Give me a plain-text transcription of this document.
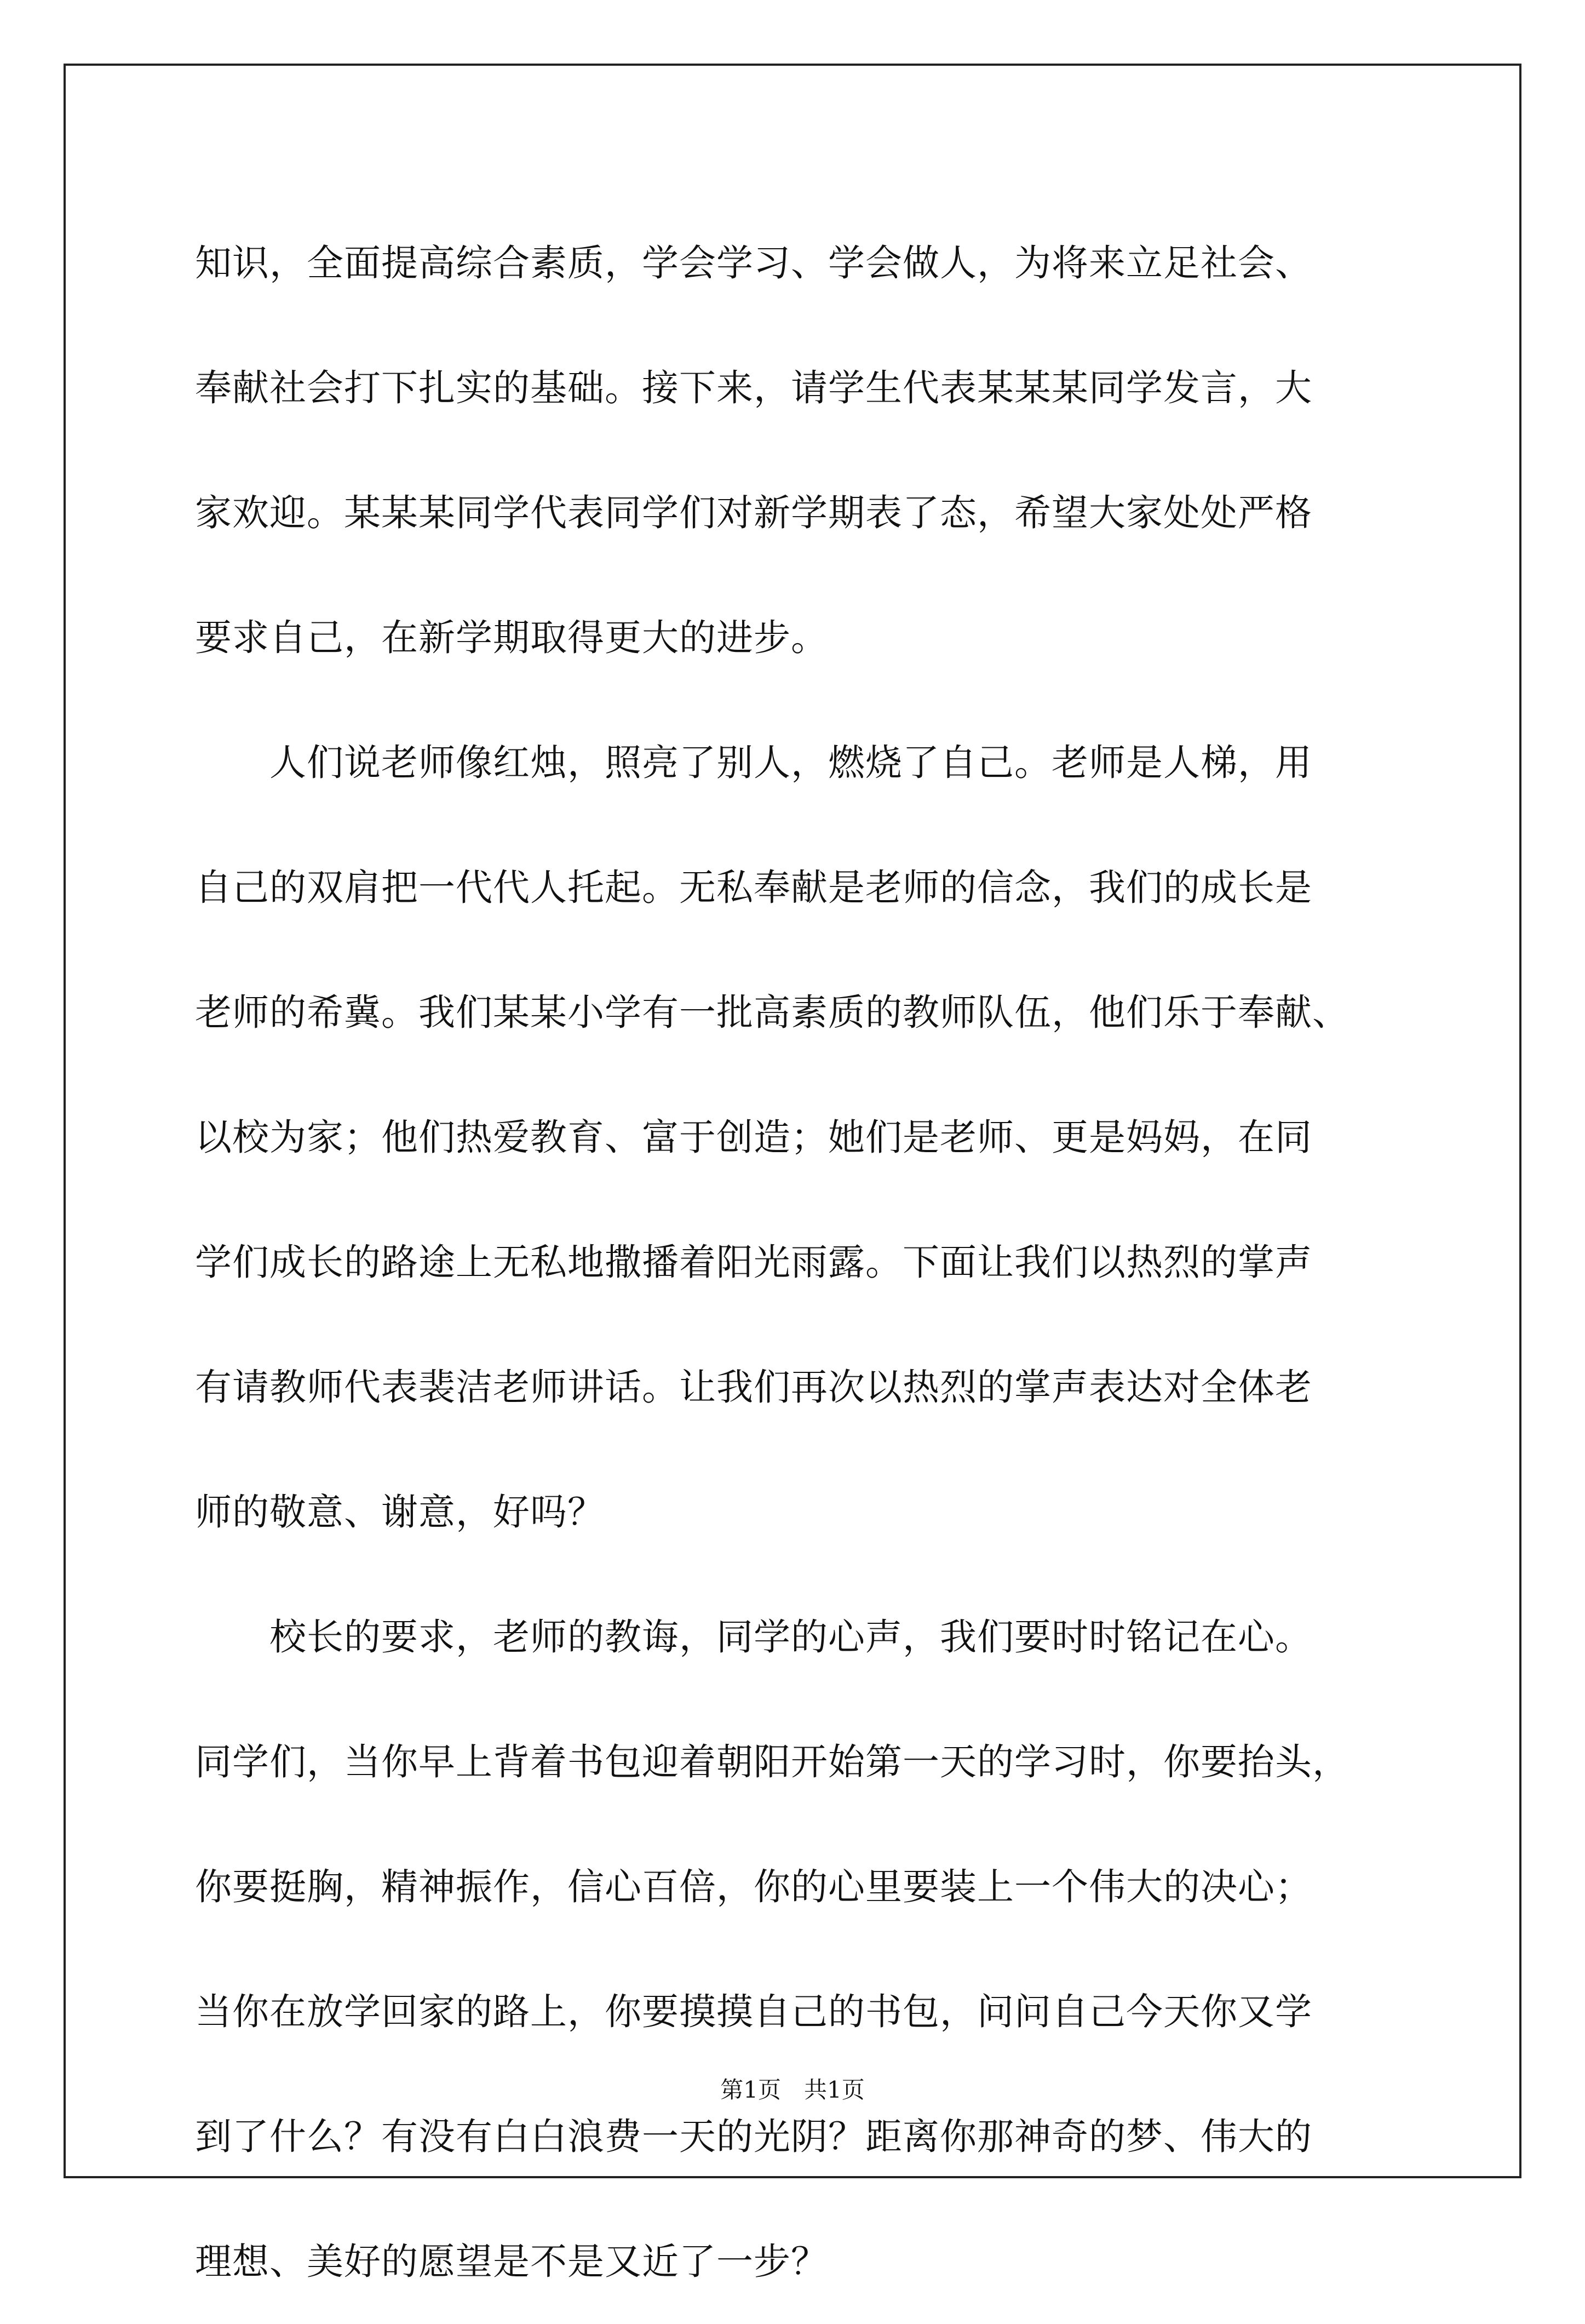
知识，全面提高综合素质，学会学习、学会做人，为将来立足社会、
奉献社会打下扎实的基础。接下来，请学生代表某某某同学发言，大
家欢迎。某某某同学代表同学们对新学期表了态，希望大家处处严格
要求自己，在新学期取得更大的进步。
　　人们说老师像红烛，照亮了别人，燃烧了自己。老师是人梯，用
自己的双肩把一代代人托起。无私奉献是老师的信念，我们的成长是
老师的希冀。我们某某小学有一批高素质的教师队伍，他们乐于奉献、
以校为家；他们热爱教育、富于创造；她们是老师、更是妈妈，在同
学们成长的路途上无私地撒播着阳光雨露。下面让我们以热烈的掌声
有请教师代表裴洁老师讲话。让我们再次以热烈的掌声表达对全体老
师的敬意、谢意，好吗？
　　校长的要求，老师的教诲，同学的心声，我们要时时铭记在心。
同学们，当你早上背着书包迎着朝阳开始第一天的学习时，你要抬头，
你要挺胸，精神振作，信心百倍，你的心里要装上一个伟大的决心；
当你在放学回家的路上，你要摸摸自己的书包，问问自己今天你又学
到了什么？有没有白白浪费一天的光阴？距离你那神奇的梦、伟大的
理想、美好的愿望是不是又近了一步？
第1页　共1页
